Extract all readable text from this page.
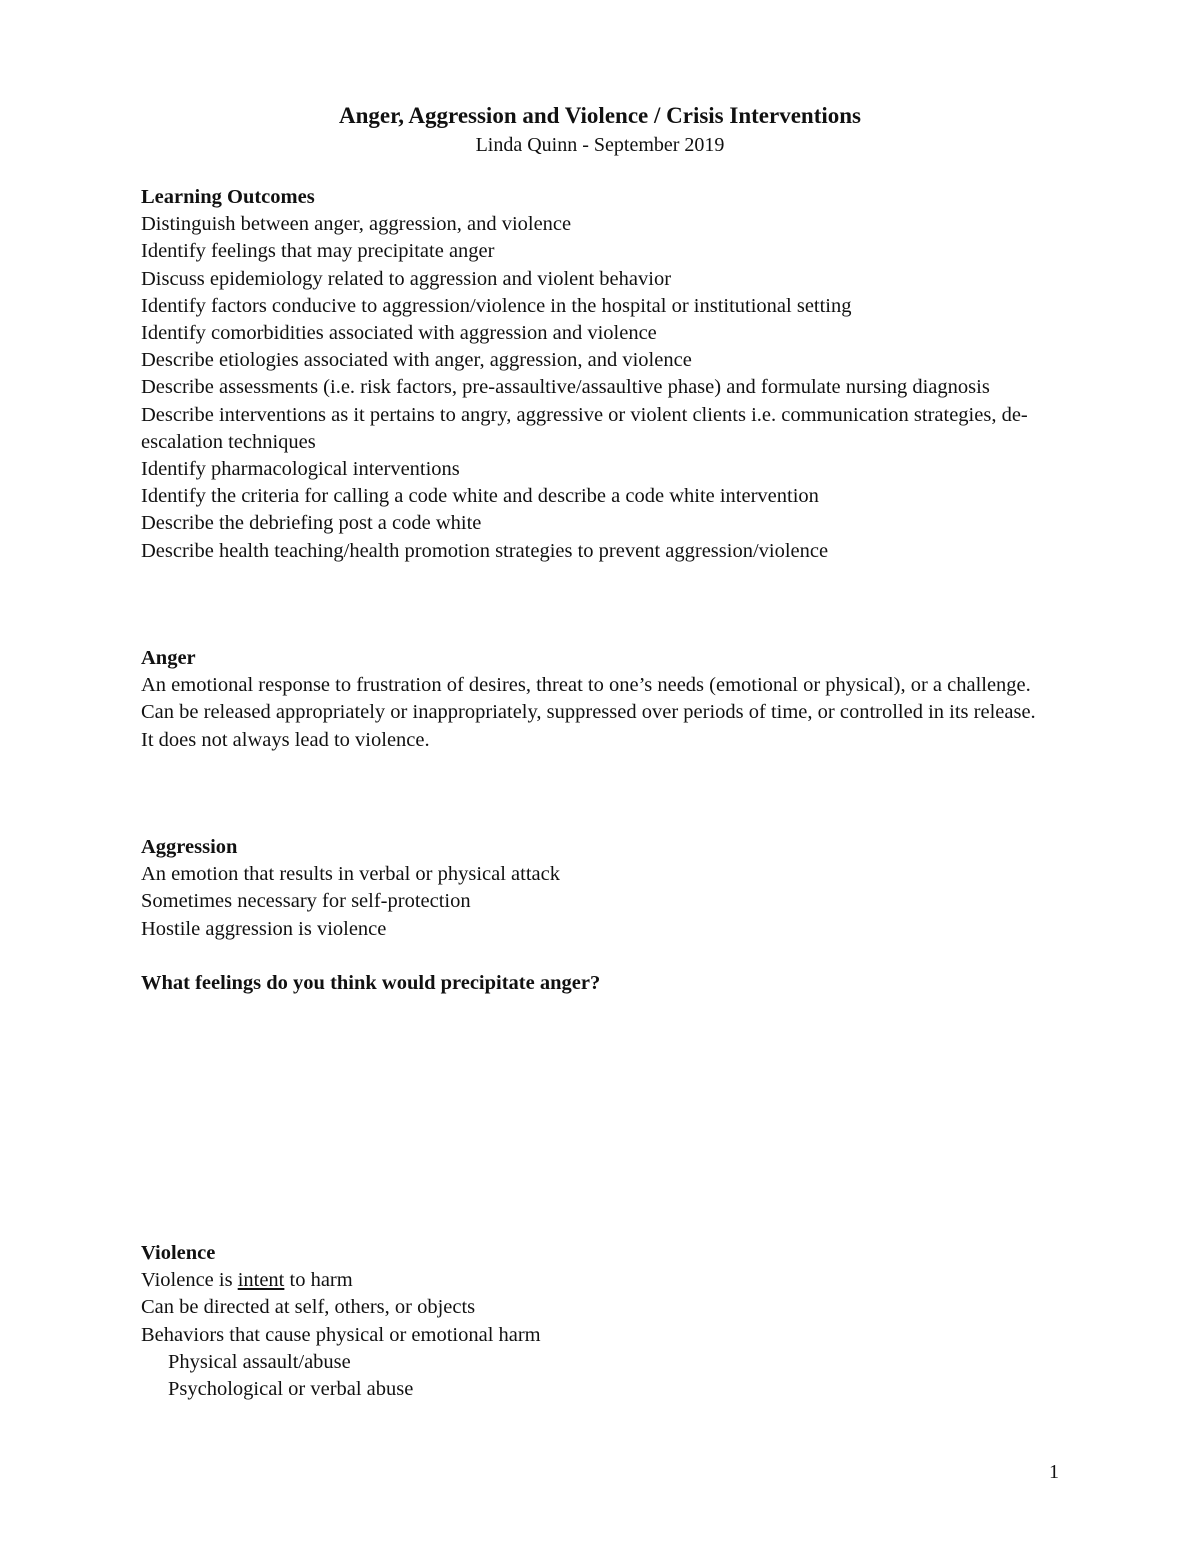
Anger, Aggression and Violence / Crisis Interventions
Linda Quinn - September 2019
Learning Outcomes
Distinguish between anger, aggression, and violence
Identify feelings that may precipitate anger
Discuss epidemiology related to aggression and violent behavior
Identify factors conducive to aggression/violence in the hospital or institutional setting
Identify comorbidities associated with aggression and violence
Describe etiologies associated with anger, aggression, and violence
Describe assessments (i.e. risk factors, pre-assaultive/assaultive phase) and formulate nursing diagnosis
Describe interventions as it pertains to angry, aggressive or violent clients i.e. communication strategies, de-escalation techniques
Identify pharmacological interventions
Identify the criteria for calling a code white and describe a code white intervention
Describe the debriefing post a code white
Describe health teaching/health promotion strategies to prevent aggression/violence
Anger
An emotional response to frustration of desires, threat to one’s needs (emotional or physical), or a challenge.
Can be released appropriately or inappropriately, suppressed over periods of time, or controlled in its release.
It does not always lead to violence.
Aggression
An emotion that results in verbal or physical attack
Sometimes necessary for self-protection
Hostile aggression is violence
What feelings do you think would precipitate anger?
Violence
Violence is intent to harm
Can be directed at self, others, or objects
Behaviors that cause physical or emotional harm
Physical assault/abuse
Psychological or verbal abuse
1
